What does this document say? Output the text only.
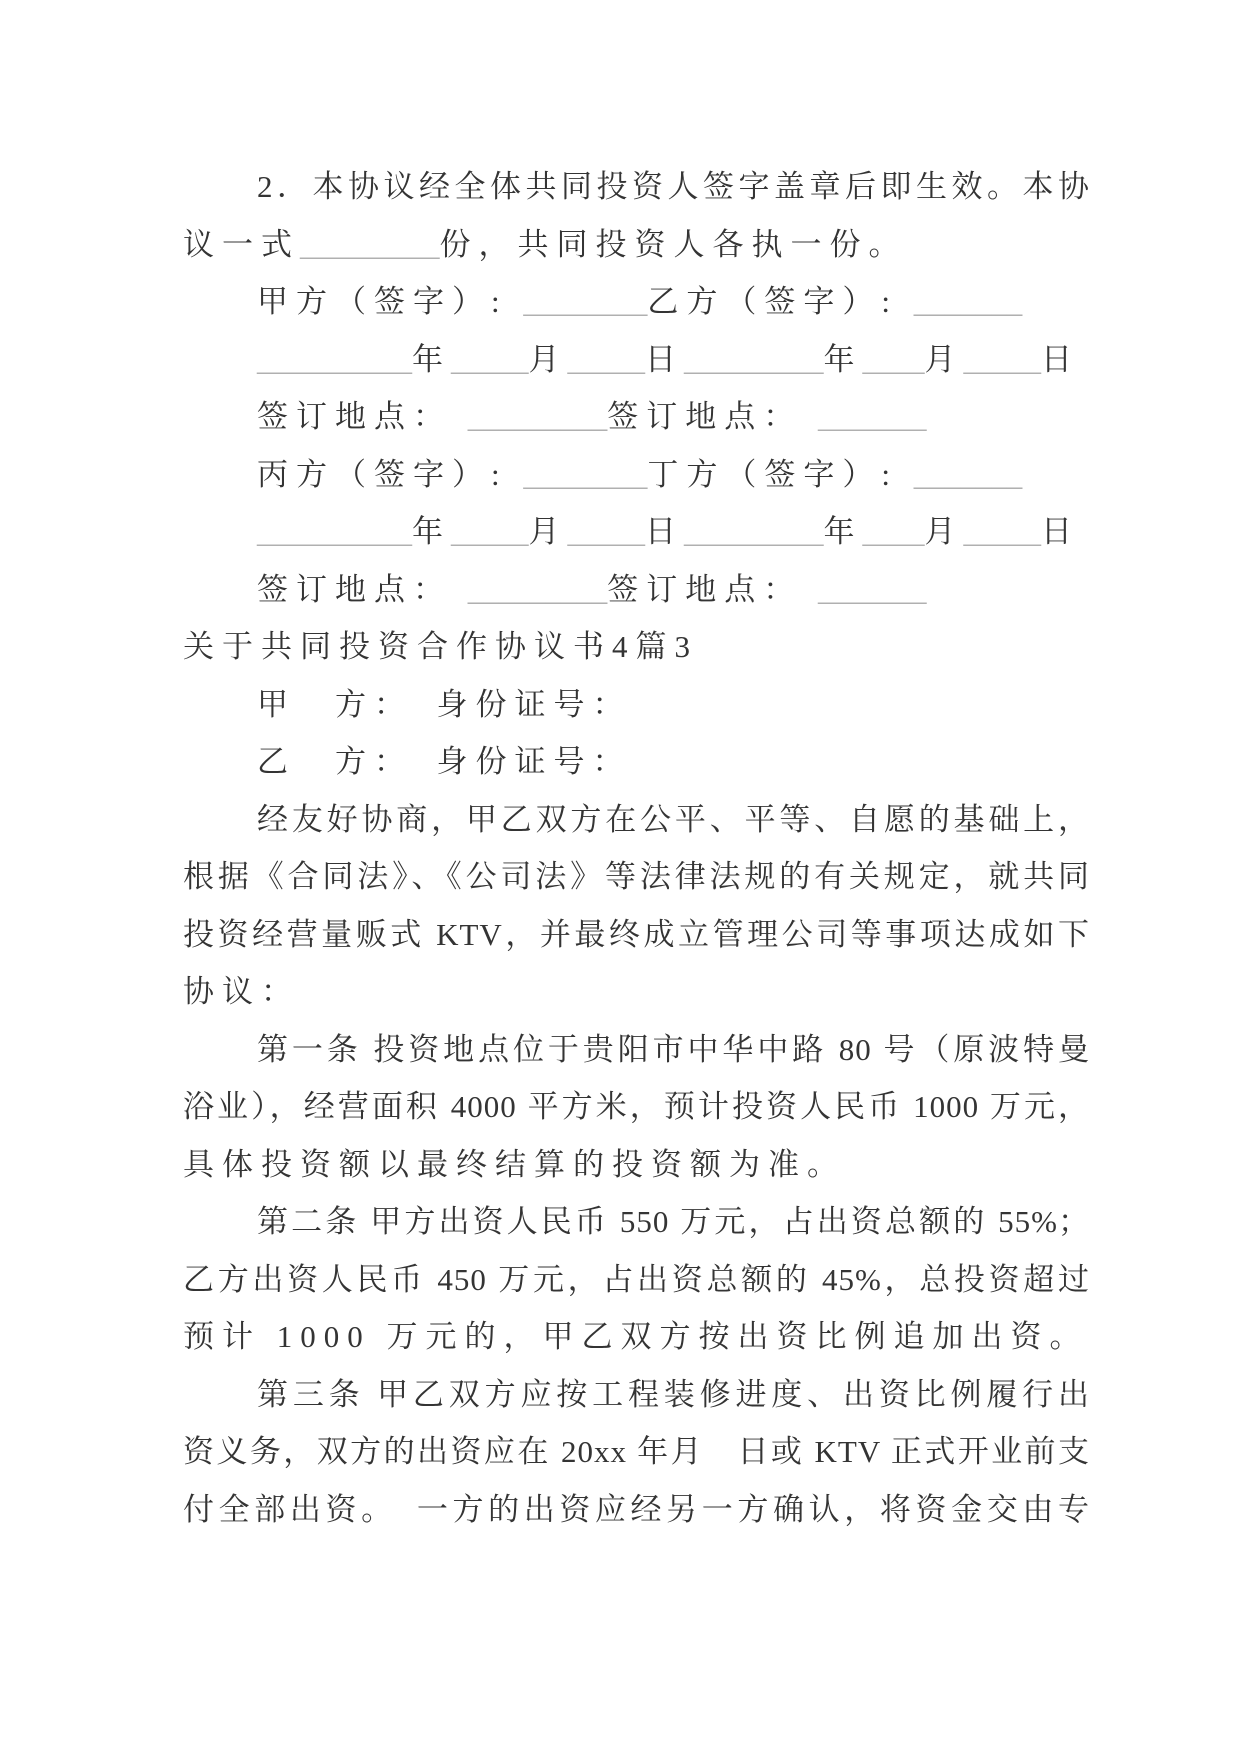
2．本协议经全体共同投资人签字盖章后即生效。本协
议一式_________份，共同投资人各执一份。
甲方（签字）: ________乙方（签字）: _______
__________年_____月_____日_________年____月_____日
签订地点： _________签订地点： _______
丙方（签字）: ________丁方（签字）: _______
__________年_____月_____日_________年____月_____日
签订地点： _________签订地点： _______
关于共同投资合作协议书4篇3
甲　方：　身份证号：
乙　方：　身份证号：
经友好协商，甲乙双方在公平、平等、自愿的基础上，
根据《合同法》、《公司法》等法律法规的有关规定，就共同
投资经营量贩式 KTV，并最终成立管理公司等事项达成如下
协议：
第一条 投资地点位于贵阳市中华中路 80 号（原波特曼
浴业），经营面积 4000 平方米，预计投资人民币 1000 万元，
具体投资额以最终结算的投资额为准。
第二条 甲方出资人民币 550 万元，占出资总额的 55%；
乙方出资人民币 450 万元，占出资总额的 45%，总投资超过
预计 1000 万元的，甲乙双方按出资比例追加出资。
第三条 甲乙双方应按工程装修进度、出资比例履行出
资义务，双方的出资应在 20xx 年月　日或 KTV 正式开业前支
付全部出资。　一方的出资应经另一方确认，将资金交由专
